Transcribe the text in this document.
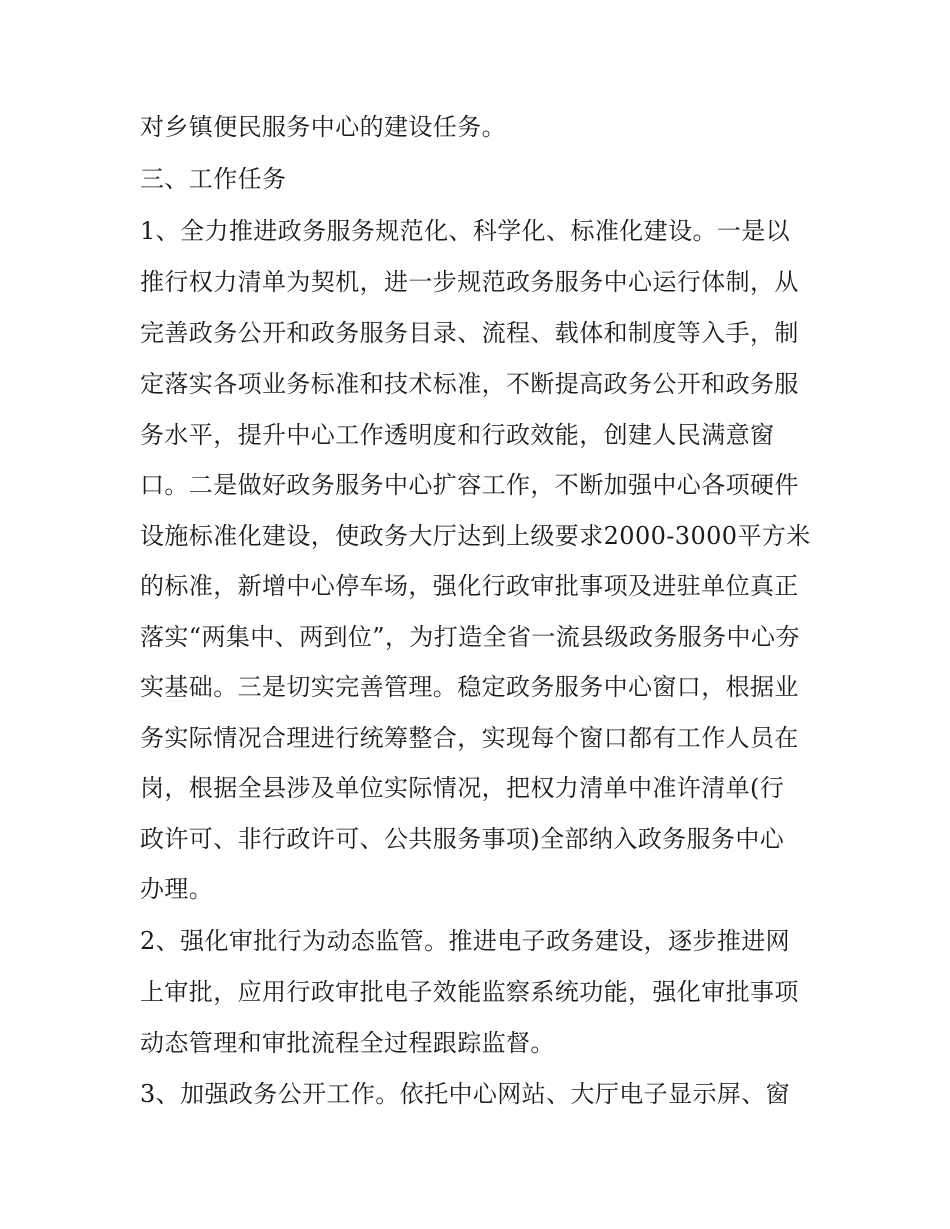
对乡镇便民服务中心的建设任务。
三、工作任务
1、全力推进政务服务规范化、科学化、标准化建设。一是以
推行权力清单为契机，进一步规范政务服务中心运行体制，从
完善政务公开和政务服务目录、流程、载体和制度等入手，制
定落实各项业务标准和技术标准，不断提高政务公开和政务服
务水平，提升中心工作透明度和行政效能，创建人民满意窗
口。二是做好政务服务中心扩容工作，不断加强中心各项硬件
设施标准化建设，使政务大厅达到上级要求2000-3000平方米
的标准，新增中心停车场，强化行政审批事项及进驻单位真正
落实“两集中、两到位”，为打造全省一流县级政务服务中心夯
实基础。三是切实完善管理。稳定政务服务中心窗口，根据业
务实际情况合理进行统筹整合，实现每个窗口都有工作人员在
岗，根据全县涉及单位实际情况，把权力清单中准许清单(行
政许可、非行政许可、公共服务事项)全部纳入政务服务中心
办理。
2、强化审批行为动态监管。推进电子政务建设，逐步推进网
上审批，应用行政审批电子效能监察系统功能，强化审批事项
动态管理和审批流程全过程跟踪监督。
3、加强政务公开工作。依托中心网站、大厅电子显示屏、窗
